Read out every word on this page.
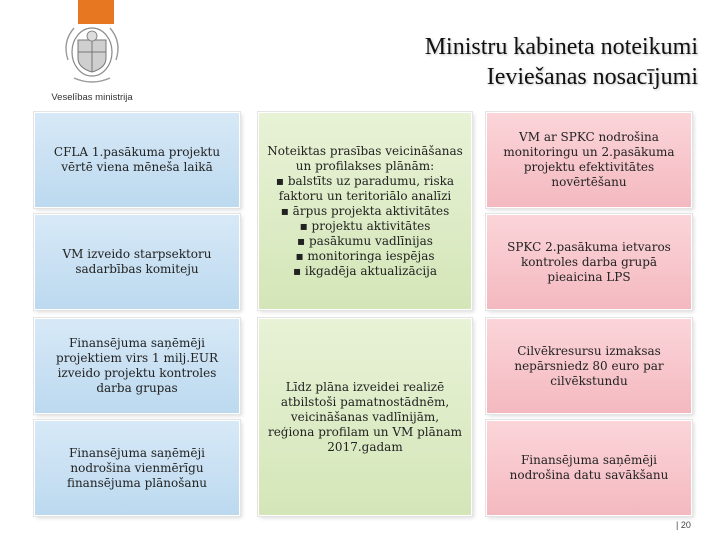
Veselības ministrija
Ministru kabineta noteikumi
Ieviešanas nosacījumi
CFLA 1.pasākuma projektu vērtē viena mēneša laikā
VM izveido starpsektoru sadarbības komiteju
Finansējuma saņēmēji projektiem virs 1 milj.EUR izveido projektu kontroles darba grupas
Finansējuma saņēmēji nodrošina vienmērīgu finansējuma plānošanu
Noteiktas prasības veicināšanas un profilakses plānām:
▪ balstīts uz paradumu, riska faktoru un teritoriālo analīzi
▪ ārpus projekta aktivitātes
▪ projektu aktivitātes
▪ pasākumu vadlīnijas
▪ monitoringa iespējas
▪ ikgadēja aktualizācija
Līdz plāna izveidei realizē atbilstoši pamatnostādnēm, veicināšanas vadlīnijām, reģiona profilam un VM plānam 2017.gadam
VM ar SPKC nodrošina monitoringu un 2.pasākuma projektu efektivitātes novērtēšanu
SPKC 2.pasākuma ietvaros kontroles darba grupā pieaicina LPS
Cilvēkresursu izmaksas nepārsniedz 80 euro par cilvēkstundu
Finansējuma saņēmēji nodrošina datu savākšanu
| 20
